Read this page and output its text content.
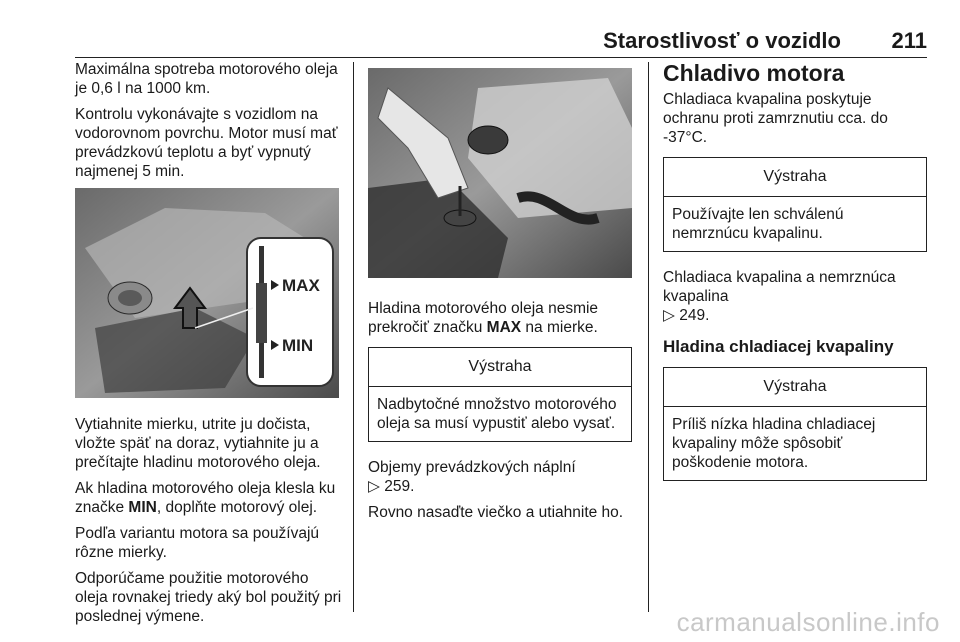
Starostlivosť o vozidlo 211

Maximálna spotreba motorového oleja je 0,6 l na 1000 km.

Kontrolu vykonávajte s vozidlom na vodorovnom povrchu. Motor musí mať prevádzkovú teplotu a byť vypnutý najmenej 5 min.

MAX
MIN

Vytiahnite mierku, utrite ju dočista, vložte späť na doraz, vytiahnite ju a prečítajte hladinu motorového oleja.

Ak hladina motorového oleja klesla ku značke MIN, doplňte motorový olej.

Podľa variantu motora sa používajú rôzne mierky.

Odporúčame použitie motorového oleja rovnakej triedy aký bol použitý pri poslednej výmene.

Hladina motorového oleja nesmie prekročiť značku MAX na mierke.

Výstraha
Nadbytočné množstvo motorového oleja sa musí vypustiť alebo vysať.

Objemy prevádzkových náplní
▷ 259.

Rovno nasaďte viečko a utiahnite ho.

Chladivo motora

Chladiaca kvapalina poskytuje ochranu proti zamrznutiu cca. do -37°C.

Výstraha
Používajte len schválenú nemrznúcu kvapalinu.

Chladiaca kvapalina a nemrznúca kvapalina
▷ 249.

Hladina chladiacej kvapaliny
Výstraha
Príliš nízka hladina chladiacej kvapaliny môže spôsobiť poškodenie motora.
carmanualsonline.info
